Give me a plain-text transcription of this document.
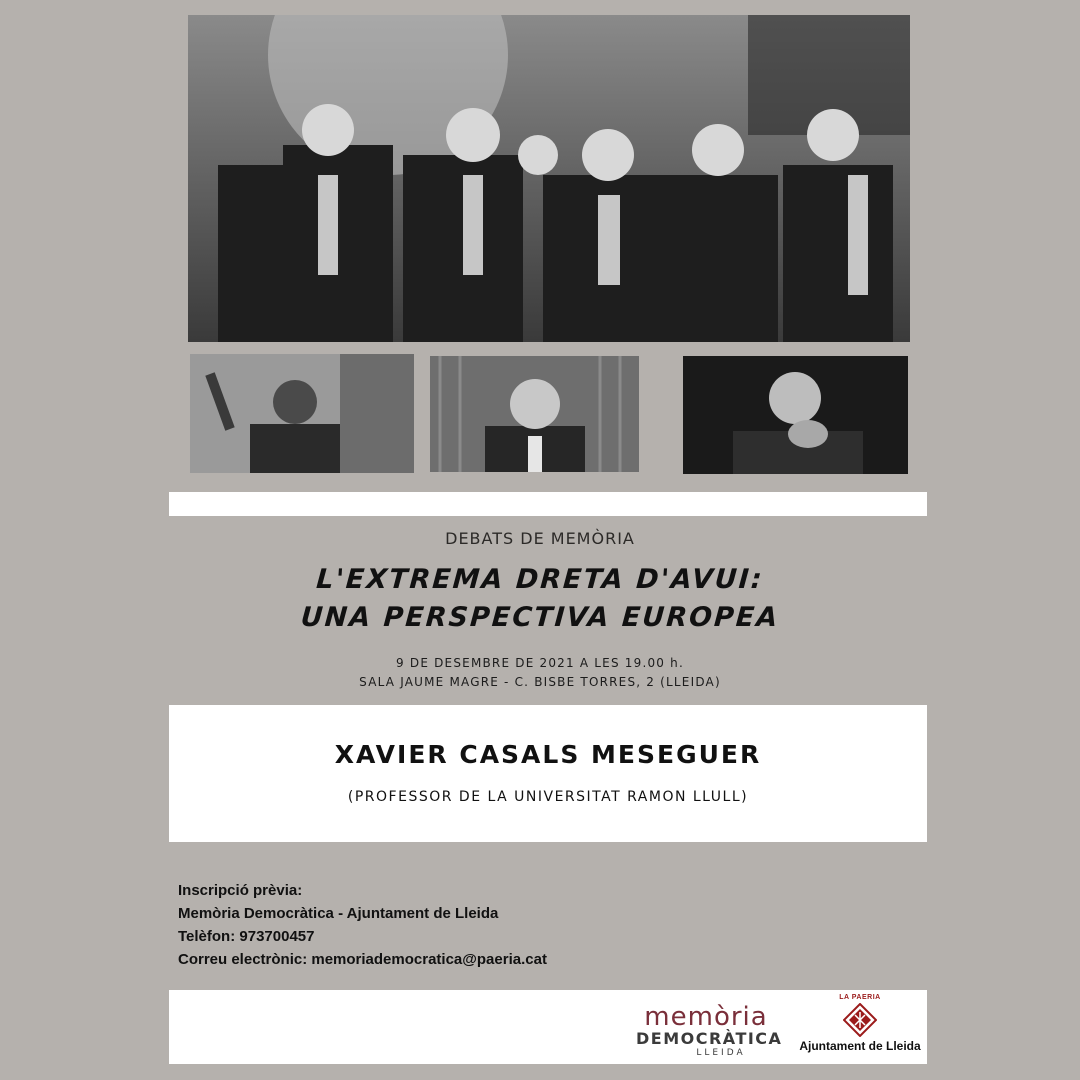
DEBATS DE MEMÒRIA
L'EXTREMA DRETA D'AVUI:
UNA PERSPECTIVA EUROPEA
9 DE DESEMBRE DE 2021 A LES 19.00 h.
SALA JAUME MAGRE - C. BISBE TORRES, 2 (LLEIDA)
XAVIER CASALS MESEGUER
(PROFESSOR DE LA UNIVERSITAT RAMON LLULL)
Inscripció prèvia:
Memòria Democràtica - Ajuntament de Lleida
Telèfon: 973700457
Correu electrònic: memoriademocratica@paeria.cat
memòria
DEMOCRÀTICA
LLEIDA
LA PAERIA
Ajuntament de Lleida
